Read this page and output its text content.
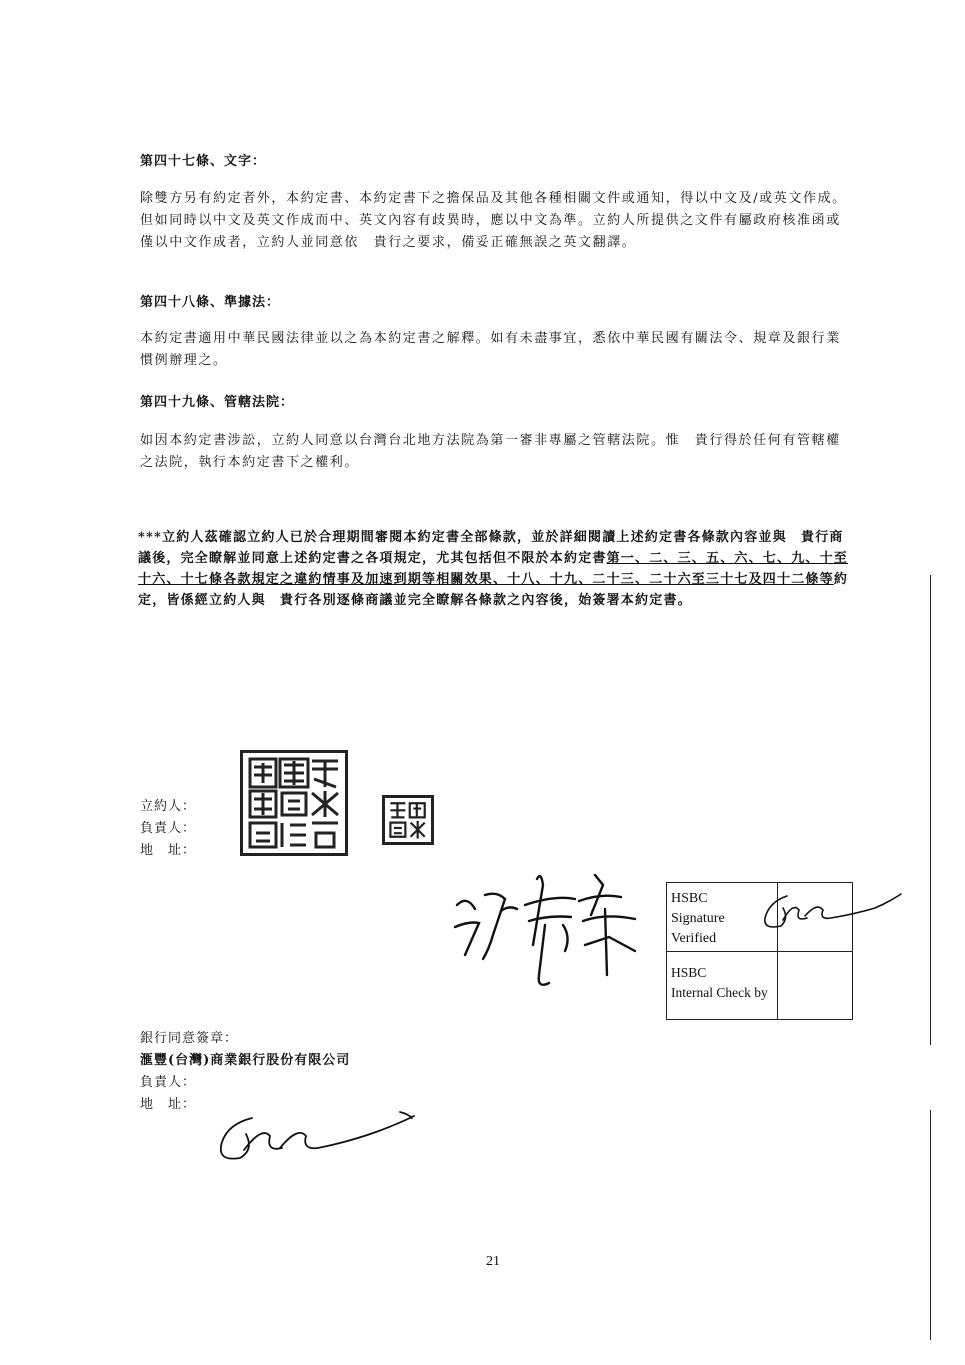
第四十七條、文字：
除雙方另有約定者外，本約定書、本約定書下之擔保品及其他各種相關文件或通知，得以中文及/或英文作成。但如同時以中文及英文作成而中、英文內容有歧異時，應以中文為準。立約人所提供之文件有屬政府核准函或僅以中文作成者，立約人並同意依　貴行之要求，備妥正確無誤之英文翻譯。
第四十八條、準據法：
本約定書適用中華民國法律並以之為本約定書之解釋。如有未盡事宜，悉依中華民國有關法令、規章及銀行業慣例辦理之。
第四十九條、管轄法院：
如因本約定書涉訟，立約人同意以台灣台北地方法院為第一審非專屬之管轄法院。惟　貴行得於任何有管轄權之法院，執行本約定書下之權利。
***立約人茲確認立約人已於合理期間審閱本約定書全部條款，並於詳細閱讀上述約定書各條款內容並與　貴行商議後，完全瞭解並同意上述約定書之各項規定，尤其包括但不限於本約定書第一、二、三、五、六、七、九、十至十六、十七條各款規定之違約情事及加速到期等相關效果、十八、十九、二十三、二十六至三十七及四十二條等約定，皆係經立約人與　貴行各別逐條商議並完全瞭解各條款之內容後，始簽署本約定書。
立約人：
負責人：
地　址：
HSBC
Signature
Verified
HSBC
Internal Check by
銀行同意簽章：
滙豐(台灣)商業銀行股份有限公司
負責人：
地　址：
21
